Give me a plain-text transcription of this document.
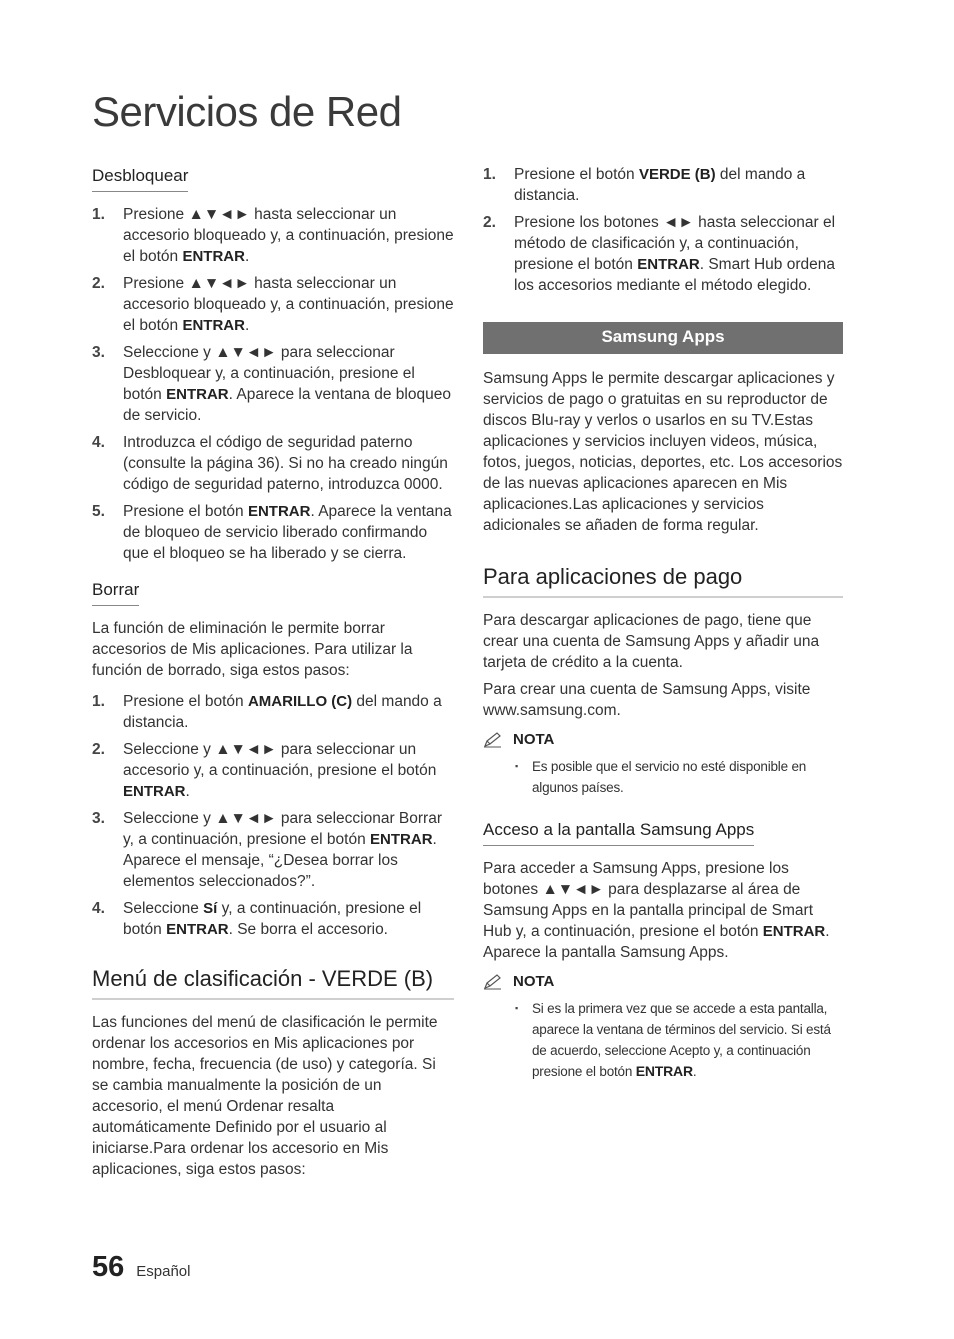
Servicios de Red
Desbloquear
1. Presione ▲▼◄► hasta seleccionar un accesorio bloqueado y, a continuación, presione el botón ENTRAR.
2. Presione ▲▼◄► hasta seleccionar un accesorio bloqueado y, a continuación, presione el botón ENTRAR.
3. Seleccione y ▲▼◄► para seleccionar Desbloquear y, a continuación, presione el botón ENTRAR. Aparece la ventana de bloqueo de servicio.
4. Introduzca el código de seguridad paterno (consulte la página 36). Si no ha creado ningún código de seguridad paterno, introduzca 0000.
5. Presione el botón ENTRAR. Aparece la ventana de bloqueo de servicio liberado confirmando que el bloqueo se ha liberado y se cierra.
Borrar

La función de eliminación le permite borrar accesorios de Mis aplicaciones. Para utilizar la función de borrado, siga estos pasos:

1. Presione el botón AMARILLO (C) del mando a distancia.
2. Seleccione y ▲▼◄► para seleccionar un accesorio y, a continuación, presione el botón ENTRAR.
3. Seleccione y ▲▼◄► para seleccionar Borrar y, a continuación, presione el botón ENTRAR. Aparece el mensaje, “¿Desea borrar los elementos seleccionados?”.
4. Seleccione Sí y, a continuación, presione el botón ENTRAR. Se borra el accesorio.
Menú de clasificación - VERDE (B)

Las funciones del menú de clasificación le permite ordenar los accesorios en Mis aplicaciones por nombre, fecha, frecuencia (de uso) y categoría. Si se cambia manualmente la posición de un accesorio, el menú Ordenar resalta automáticamente Definido por el usuario al iniciarse.Para ordenar los accesorio en Mis aplicaciones, siga estos pasos:

1. Presione el botón VERDE (B) del mando a distancia.
2. Presione los botones ◄► hasta seleccionar el método de clasificación y, a continuación, presione el botón ENTRAR. Smart Hub ordena los accesorios mediante el método elegido.
Samsung Apps

Samsung Apps le permite descargar aplicaciones y servicios de pago o gratuitas en su reproductor de discos Blu-ray y verlos o usarlos en su TV.Estas aplicaciones y servicios incluyen videos, música, fotos, juegos, noticias, deportes, etc. Los accesorios de las nuevas aplicaciones aparecen en Mis aplicaciones.Las aplicaciones y servicios adicionales se añaden de forma regular.

Para aplicaciones de pago

Para descargar aplicaciones de pago, tiene que crear una cuenta de Samsung Apps y añadir una tarjeta de crédito a la cuenta.

Para crear una cuenta de Samsung Apps, visite www.samsung.com.

NOTA
▪ Es posible que el servicio no esté disponible en algunos países.
Acceso a la pantalla Samsung Apps

Para acceder a Samsung Apps, presione los botones ▲▼◄► para desplazarse al área de Samsung Apps en la pantalla principal de Smart Hub y, a continuación, presione el botón ENTRAR. Aparece la pantalla Samsung Apps.

NOTA
▪ Si es la primera vez que se accede a esta pantalla, aparece la ventana de términos del servicio. Si está de acuerdo, seleccione Acepto y, a continuación presione el botón ENTRAR.
56 Español
